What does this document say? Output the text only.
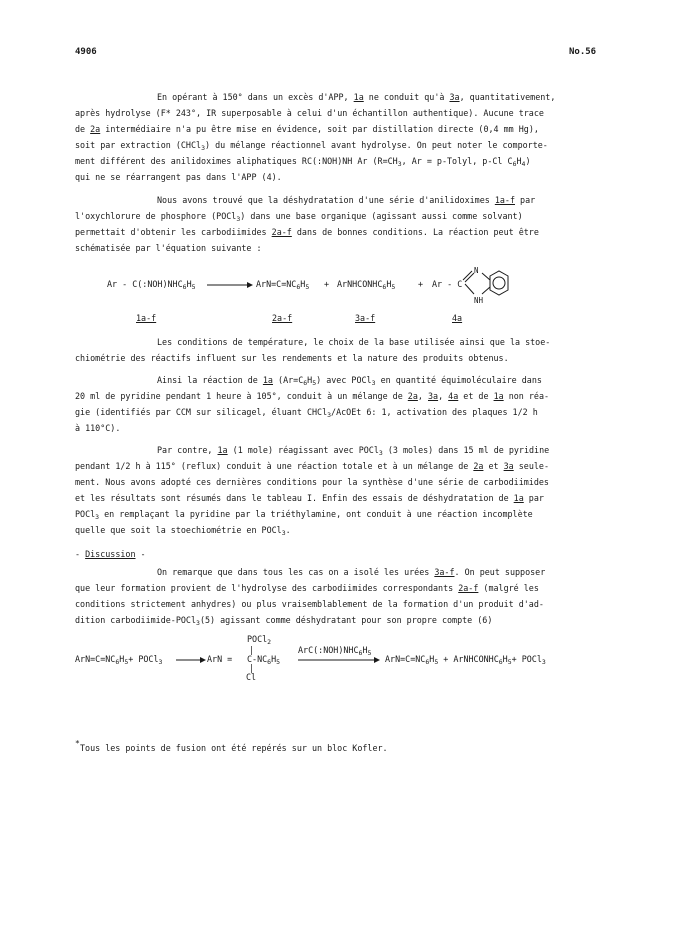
4906	No.56
En opérant à 150° dans un excès d'APP, 1a ne conduit qu'à 3a, quantitativement,
après hydrolyse (F* 243°, IR superposable à celui d'un échantillon authentique). Aucune trace
de 2a intermédiaire n'a pu être mise en évidence, soit par distillation directe (0,4 mm Hg),
soit par extraction (CHCl$_3$) du mélange réactionnel avant hydrolyse. On peut noter le comporte-
ment différent des anilidoximes aliphatiques RC(:NOH)NH Ar ($R=CH_3$, Ar = p-Tolyl, p-Cl $C_6H_4$)
qui ne se réarrangent pas dans l'APP (4).
Nous avons trouvé que la déshydratation d'une série d'anilidoximes 1a-f par
l'oxychlorure de phosphore (POCl$_3$) dans une base organique (agissant aussi comme solvant)
permettait d'obtenir les carbodiimides 2a-f dans de bonnes conditions. La réaction peut être
schématisée par l'équation suivante :
$Ar - C(:NOH)NHC_6H_5 \to ArN=C=NC_6H_5$ + $ArNHCONHC_6H_5$	+ Ar - C
N
NH
1a-f	2a-f	3a-f	4a
Les conditions de température, le choix de la base utilisée ainsi que la stoe-
chiométrie des réactifs influent sur les rendements et la nature des produits obtenus.
Ainsi la réaction de 1a $(Ar=C_6H_5)$ avec POCl$_3$ en quantité équimoléculaire dans
20 ml de pyridine pendant 1 heure à 105°, conduit à un mélange de 2a, 3a, 4a et de 1a non réa-
gie (identifiés par CCM sur silicagel, éluant CHCl$_3$/AcOEt 6: 1, activation des plaques 1/2 h
à 110°C).
Par contre, 1a (1 mole) réagissant avec POCl$_3$ (3 moles) dans 15 ml de pyridine
pendant 1/2 h à 115° (reflux) conduit à une réaction totale et à un mélange de 2a et 3a seule-
ment. Nous avons adopté ces dernières conditions pour la synthèse d'une série de carbodiimides
et les résultats sont résumés dans le tableau I. Enfin des essais de déshydratation de 1a par
POCl$_3$ en remplaçant la pyridine par la triéthylamine, ont conduit à une réaction incomplète
quelle que soit la stoechiométrie en POCl$_3$.
- Discussion -
On remarque que dans tous les cas on a isolé les urées 3a-f. On peut supposer
que leur formation provient de l'hydrolyse des carbodiimides correspondants 2a-f (malgré les
conditions strictement anhydres) ou plus vraisemblablement de la formation d'un produit d'ad-
dition carbodiimide-POCl$_3$(5) agissant comme déshydratant pour son propre compte (6)
$ArN=C=NC_6H_5+$ POCl$_3$ → ArN =
POCl$_2$
|
$C-NC_6H_5$
|
Cl
$ArC(:NOH)NHC_6H_5$
$ArN=C=NC_6H_5$ + $ArNHCONHC_6H_5+$ POCl$_3$
* Tous les points de fusion ont été repérés sur un bloc Kofler.
